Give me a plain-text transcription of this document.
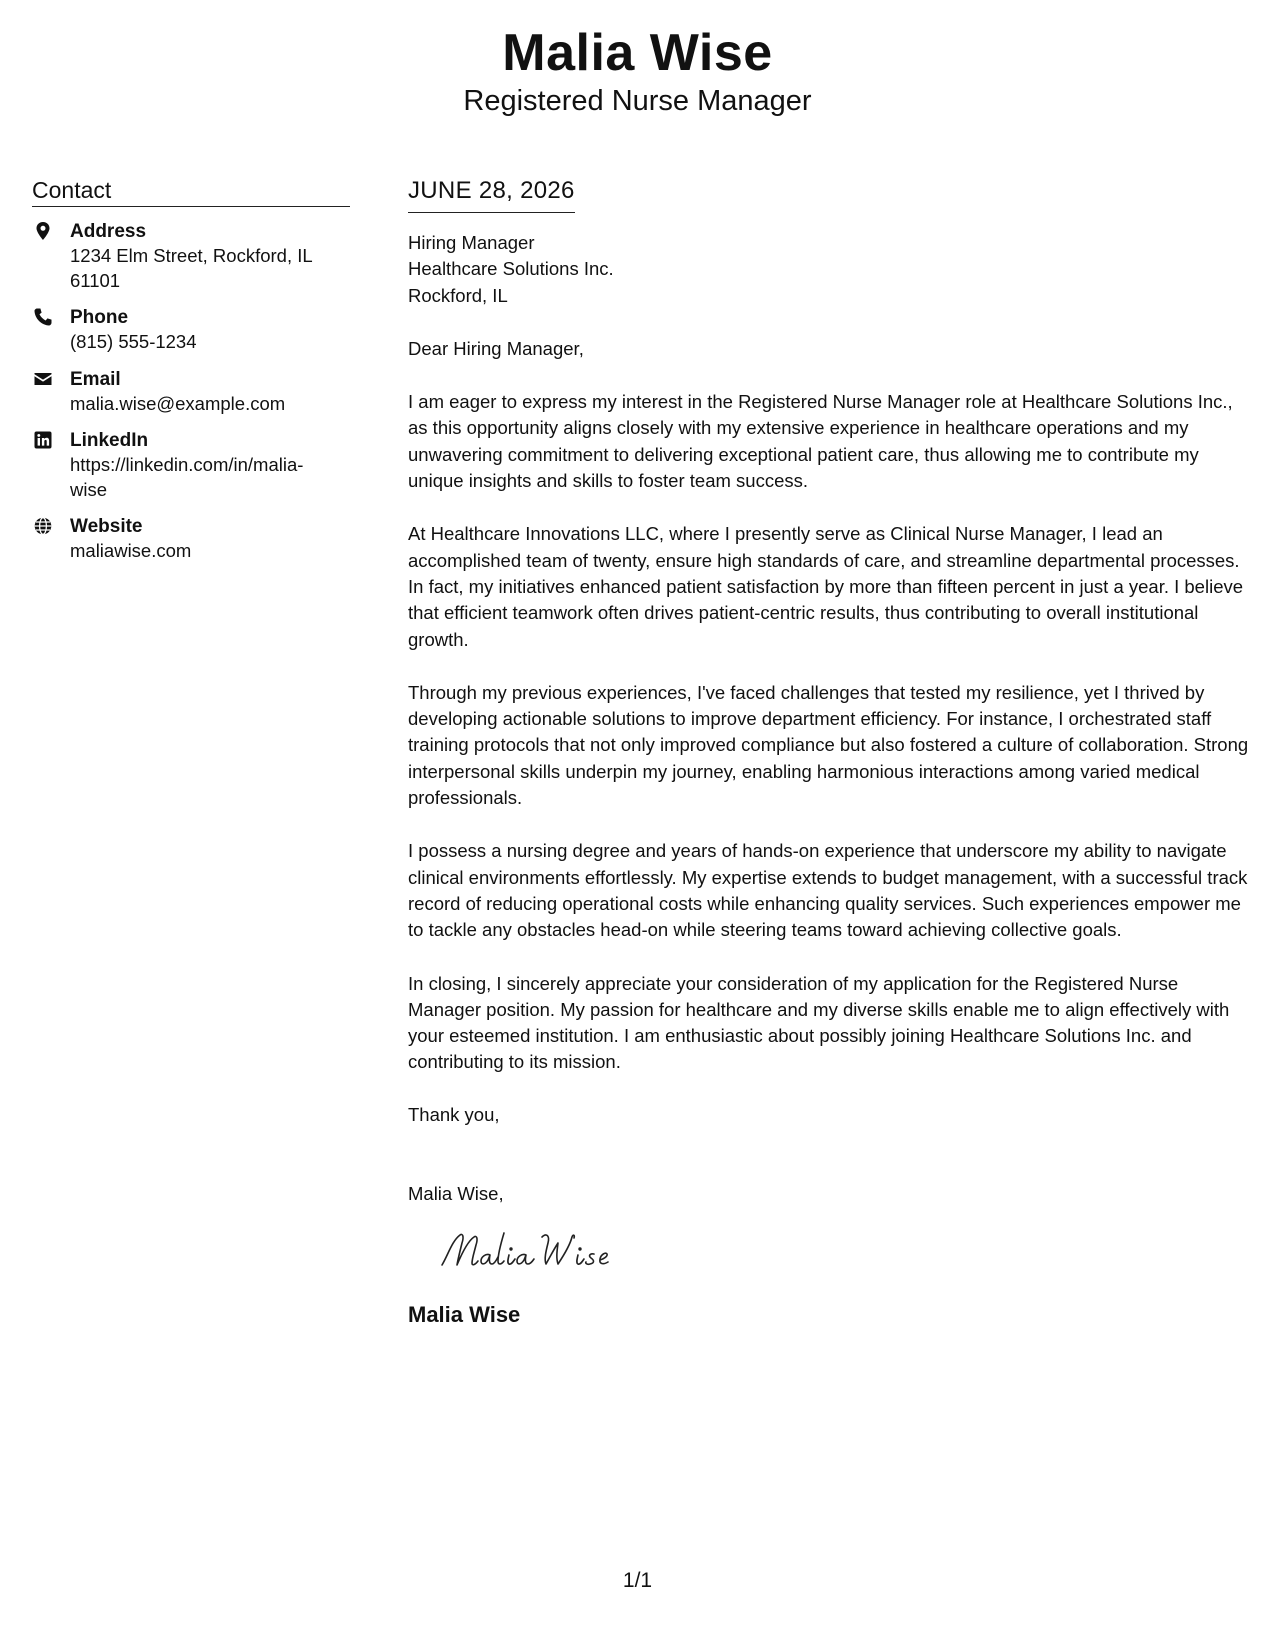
Malia Wise
Registered Nurse Manager
Contact
Address
1234 Elm Street, Rockford, IL 61101
Phone
(815) 555-1234
Email
malia.wise@example.com
LinkedIn
https://linkedin.com/in/malia-wise
Website
maliawise.com
JUNE 28, 2026
Hiring Manager
Healthcare Solutions Inc.
Rockford, IL
Dear Hiring Manager,
I am eager to express my interest in the Registered Nurse Manager role at Healthcare Solutions Inc., as this opportunity aligns closely with my extensive experience in healthcare operations and my unwavering commitment to delivering exceptional patient care, thus allowing me to contribute my unique insights and skills to foster team success.
At Healthcare Innovations LLC, where I presently serve as Clinical Nurse Manager, I lead an accomplished team of twenty, ensure high standards of care, and streamline departmental processes. In fact, my initiatives enhanced patient satisfaction by more than fifteen percent in just a year. I believe that efficient teamwork often drives patient-centric results, thus contributing to overall institutional growth.
Through my previous experiences, I've faced challenges that tested my resilience, yet I thrived by developing actionable solutions to improve department efficiency. For instance, I orchestrated staff training protocols that not only improved compliance but also fostered a culture of collaboration. Strong interpersonal skills underpin my journey, enabling harmonious interactions among varied medical professionals.
I possess a nursing degree and years of hands-on experience that underscore my ability to navigate clinical environments effortlessly. My expertise extends to budget management, with a successful track record of reducing operational costs while enhancing quality services. Such experiences empower me to tackle any obstacles head-on while steering teams toward achieving collective goals.
In closing, I sincerely appreciate your consideration of my application for the Registered Nurse Manager position. My passion for healthcare and my diverse skills enable me to align effectively with your esteemed institution. I am enthusiastic about possibly joining Healthcare Solutions Inc. and contributing to its mission.
Thank you,
Malia Wise,
Malia Wise
1/1
